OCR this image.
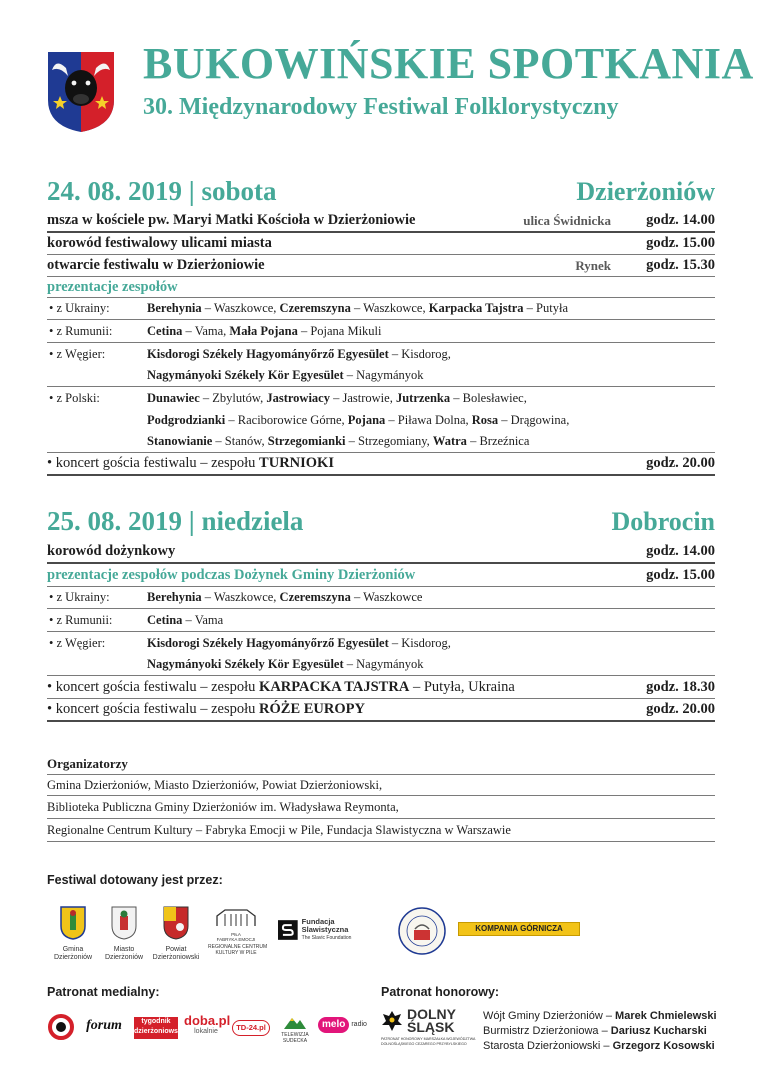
BUKOWIŃSKIE SPOTKANIA
30. Międzynarodowy Festiwal Folklorystyczny
24. 08. 2019 | sobota	Dzierżoniów
msza w kościele pw. Maryi Matki Kościoła w Dzierżoniowie	ulica Świdnicka	godz. 14.00
korowód festiwalowy ulicami miasta	godz. 15.00
otwarcie festiwalu w Dzierżoniowie	Rynek	godz. 15.30
prezentacje zespołów
• z Ukrainy:	Berehynia – Waszkowce, Czeremszyna – Waszkowce, Karpacka Tajstra – Putyła
• z Rumunii:	Cetina – Vama, Mała Pojana – Pojana Mikuli
• z Węgier:	Kisdorogi Székely Hagyományőrző Egyesület – Kisdorog,
Nagymányoki Székely Kör Egyesület – Nagymányok
• z Polski:	Dunawiec – Zbylutów, Jastrowiacy – Jastrowie, Jutrzenka – Bolesławiec,
Podgrodzianki – Raciborowice Górne, Pojana – Piława Dolna, Rosa – Drągowina,
Stanowianie – Stanów, Strzegomianki – Strzegomiany, Watra – Brzeźnica
• koncert gościa festiwalu – zespołu TURNIOKI	godz. 20.00
25. 08. 2019 | niedziela	Dobrocin
korowód dożynkowy	godz. 14.00
prezentacje zespołów podczas Dożynek Gminy Dzierżoniów	godz. 15.00
• z Ukrainy:	Berehynia – Waszkowce, Czeremszyna – Waszkowce
• z Rumunii:	Cetina – Vama
• z Węgier:	Kisdorogi Székely Hagyományőrző Egyesület – Kisdorog,
Nagymányoki Székely Kör Egyesület – Nagymányok
• koncert gościa festiwalu – zespołu KARPACKA TAJSTRA – Putyła, Ukraina	godz. 18.30
• koncert gościa festiwalu – zespołu RÓŻE EUROPY	godz. 20.00
Organizatorzy
Gmina Dzierżoniów, Miasto Dzierżoniów, Powiat Dzierżoniowski,
Biblioteka Publiczna Gminy Dzierżoniów im. Władysława Reymonta,
Regionalne Centrum Kultury – Fabryka Emocji w Pile, Fundacja Slawistyczna w Warszawie
Festiwal dotowany jest przez:
Gmina
Dzierżoniów
Miasto
Dzierżoniów
Powiat
Dzierżoniowski
PIŁA
FABRYKA EMOCJI
REGIONALNE CENTRUM
KULTURY W PILE
Fundacja Slawistyczna
The Slavic Foundation
KOMPANIA GÓRNICZA
Patronat medialny:
forum	tygodnik
dzierżoniowski
doba.pl
lokalnie	TD-24.pl
TELEWIZJA
SUDECKA
melo radio
Patronat honorowy:
DOLNY
ŚLĄSK
PATRONAT HONOROWY MARSZAŁKA WOJEWÓDZTWA
DOLNOŚLĄSKIEGO CEZAREGO PRZYBYLSKIEGO
Wójt Gminy Dzierżoniów – Marek Chmielewski
Burmistrz Dzierżoniowa – Dariusz Kucharski
Starosta Dzierżoniowski – Grzegorz Kosowski
